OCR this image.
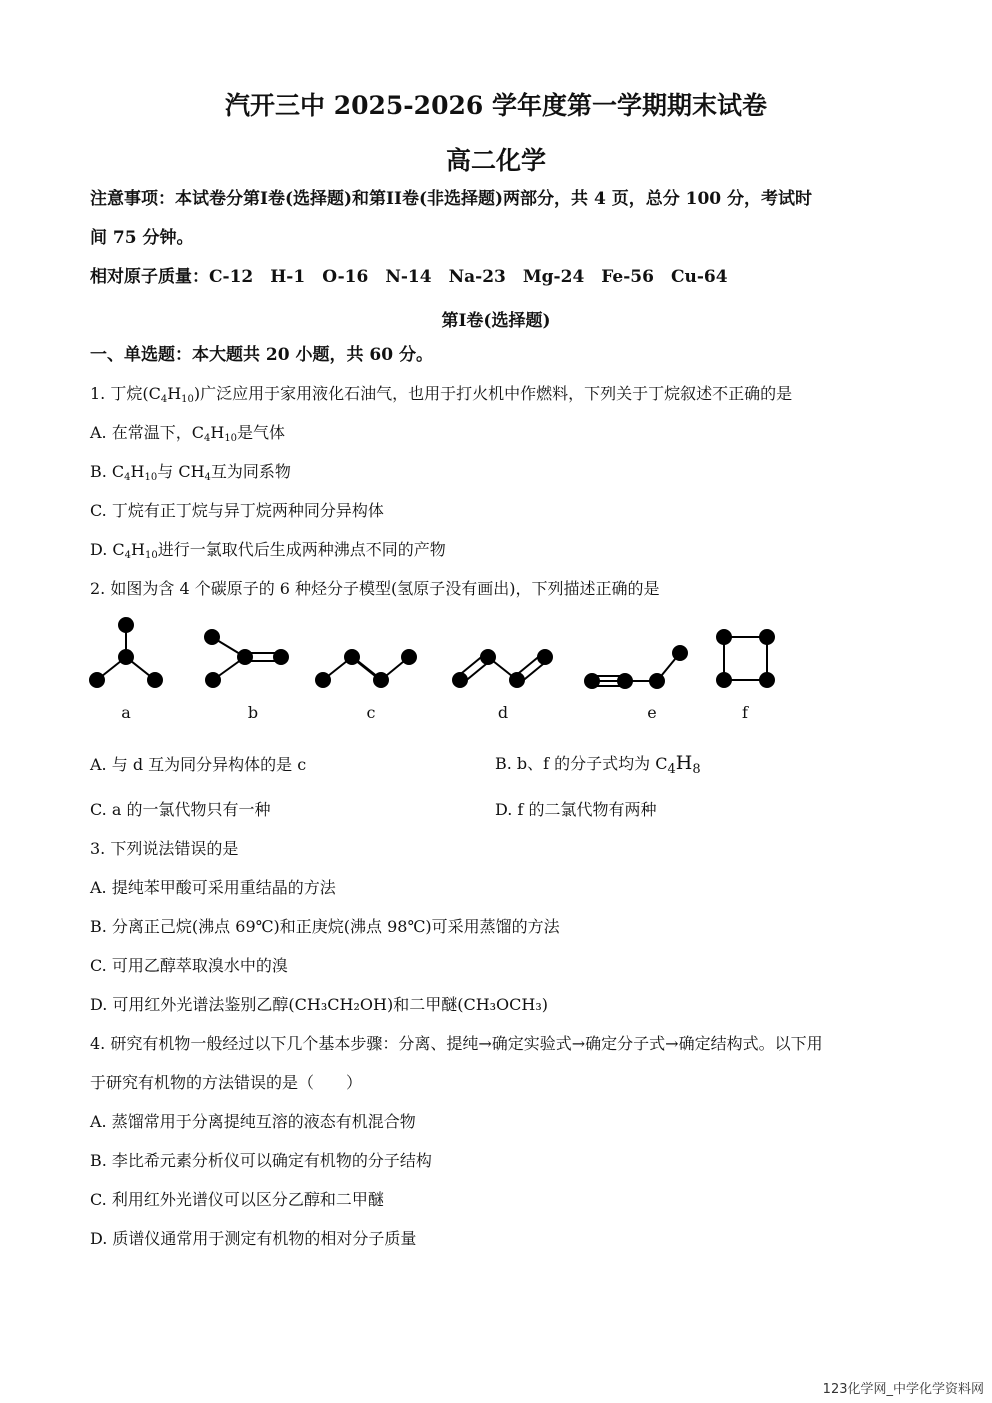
汽开三中 2025-2026 学年度第一学期期末试卷
高二化学
注意事项：本试卷分第I卷(选择题)和第II卷(非选择题)两部分，共 4 页，总分 100 分，考试时
间 75 分钟。
相对原子质量：C-12　H-1　O-16　N-14　Na-23　Mg-24　Fe-56　Cu-64
第I卷(选择题)
一、单选题：本大题共 20 小题，共 60 分。
1. 丁烷$(C_4H_{10})$广泛应用于家用液化石油气，也用于打火机中作燃料，下列关于丁烷叙述不正确的是
A. 在常温下，$C_4H_{10}$是气体
B. $C_4H_{10}$与 $CH_4$互为同系物
C. 丁烷有正丁烷与异丁烷两种同分异构体
D. $C_4H_{10}$进行一氯取代后生成两种沸点不同的产物
2. 如图为含 4 个碳原子的 6 种烃分子模型(氢原子没有画出)，下列描述正确的是
a	b	c	d	e	f
A. 与 d 互为同分异构体的是 c	B. b、f 的分子式均为 $C_4H_8$
C. a 的一氯代物只有一种	D. f 的二氯代物有两种
3. 下列说法错误的是
A. 提纯苯甲酸可采用重结晶的方法
B. 分离正己烷(沸点 69℃)和正庚烷(沸点 98℃)可采用蒸馏的方法
C. 可用乙醇萃取溴水中的溴
D. 可用红外光谱法鉴别乙醇(CH₃CH₂OH)和二甲醚(CH₃OCH₃)
4. 研究有机物一般经过以下几个基本步骤：分离、提纯→确定实验式→确定分子式→确定结构式。以下用
于研究有机物的方法错误的是（　　）
A. 蒸馏常用于分离提纯互溶的液态有机混合物
B. 李比希元素分析仪可以确定有机物的分子结构
C. 利用红外光谱仪可以区分乙醇和二甲醚
D. 质谱仪通常用于测定有机物的相对分子质量
123化学网_中学化学资料网
